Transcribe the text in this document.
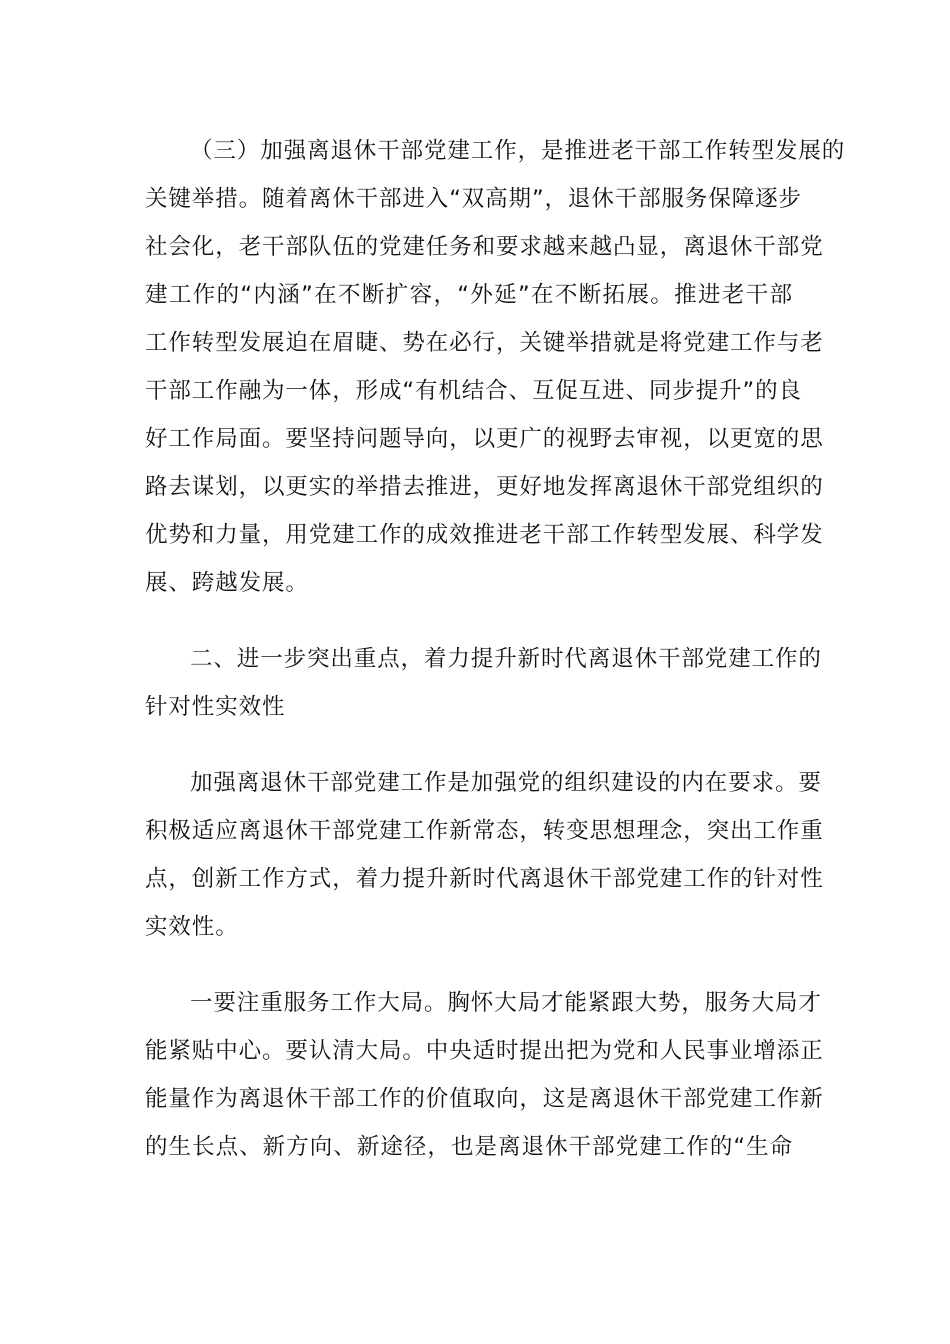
（三）加强离退休干部党建工作，是推进老干部工作转型发展的
关键举措。随着离休干部进入“双高期”，退休干部服务保障逐步
社会化，老干部队伍的党建任务和要求越来越凸显，离退休干部党
建工作的“内涵”在不断扩容，“外延”在不断拓展。推进老干部
工作转型发展迫在眉睫、势在必行，关键举措就是将党建工作与老
干部工作融为一体，形成“有机结合、互促互进、同步提升”的良
好工作局面。要坚持问题导向，以更广的视野去审视，以更宽的思
路去谋划，以更实的举措去推进，更好地发挥离退休干部党组织的
优势和力量，用党建工作的成效推进老干部工作转型发展、科学发
展、跨越发展。
二、进一步突出重点，着力提升新时代离退休干部党建工作的
针对性实效性
加强离退休干部党建工作是加强党的组织建设的内在要求。要
积极适应离退休干部党建工作新常态，转变思想理念，突出工作重
点，创新工作方式，着力提升新时代离退休干部党建工作的针对性
实效性。
一要注重服务工作大局。胸怀大局才能紧跟大势，服务大局才
能紧贴中心。要认清大局。中央适时提出把为党和人民事业增添正
能量作为离退休干部工作的价值取向，这是离退休干部党建工作新
的生长点、新方向、新途径，也是离退休干部党建工作的“生命
